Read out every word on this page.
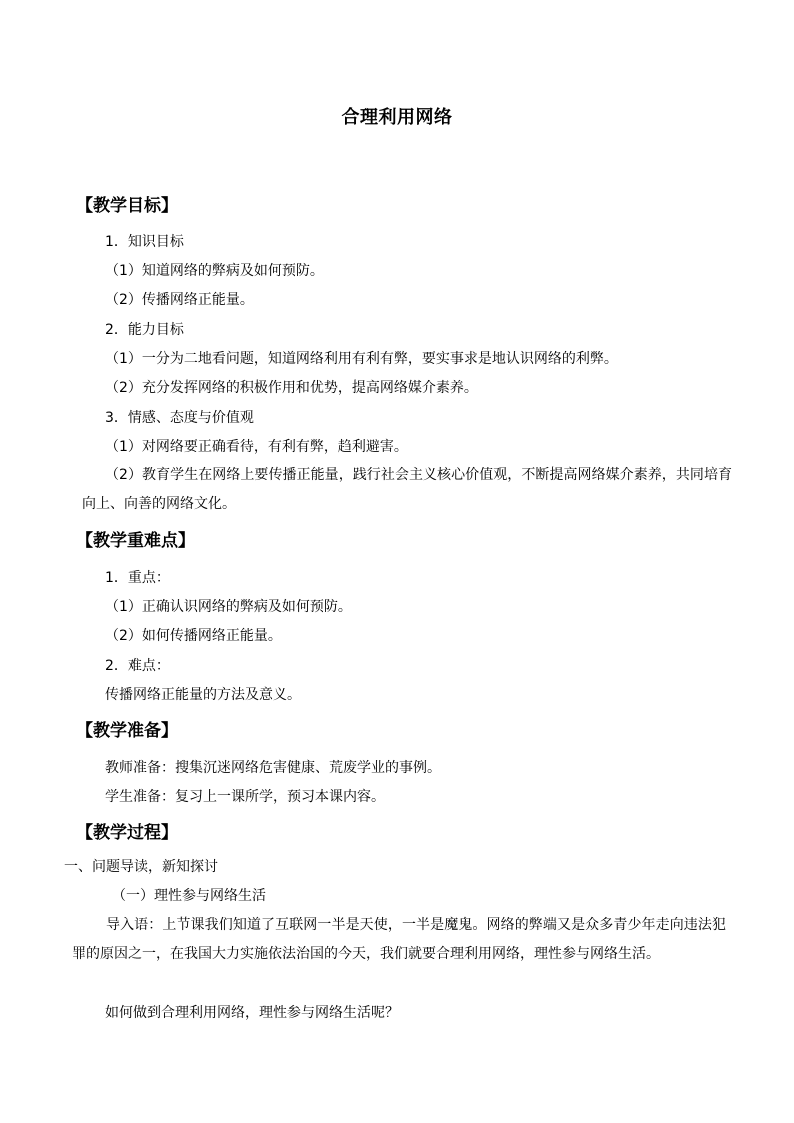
合理利用网络
【教学目标】

1．知识目标

（1）知道网络的弊病及如何预防。

（2）传播网络正能量。

2．能力目标

（1）一分为二地看问题，知道网络利用有利有弊，要实事求是地认识网络的利弊。

（2）充分发挥网络的积极作用和优势，提高网络媒介素养。

3．情感、态度与价值观

（1）对网络要正确看待，有利有弊，趋利避害。

（2）教育学生在网络上要传播正能量，践行社会主义核心价值观，不断提高网络媒介素养，共同培育向上、向善的网络文化。

【教学重难点】

1．重点：

（1）正确认识网络的弊病及如何预防。

（2）如何传播网络正能量。

2．难点：

传播网络正能量的方法及意义。

【教学准备】

教师准备：搜集沉迷网络危害健康、荒废学业的事例。

学生准备：复习上一课所学，预习本课内容。

【教学过程】

一、问题导读，新知探讨

（一）理性参与网络生活

导入语：上节课我们知道了互联网一半是天使，一半是魔鬼。网络的弊端又是众多青少年走向违法犯罪的原因之一，在我国大力实施依法治国的今天，我们就要合理利用网络，理性参与网络生活。

如何做到合理利用网络，理性参与网络生活呢？
